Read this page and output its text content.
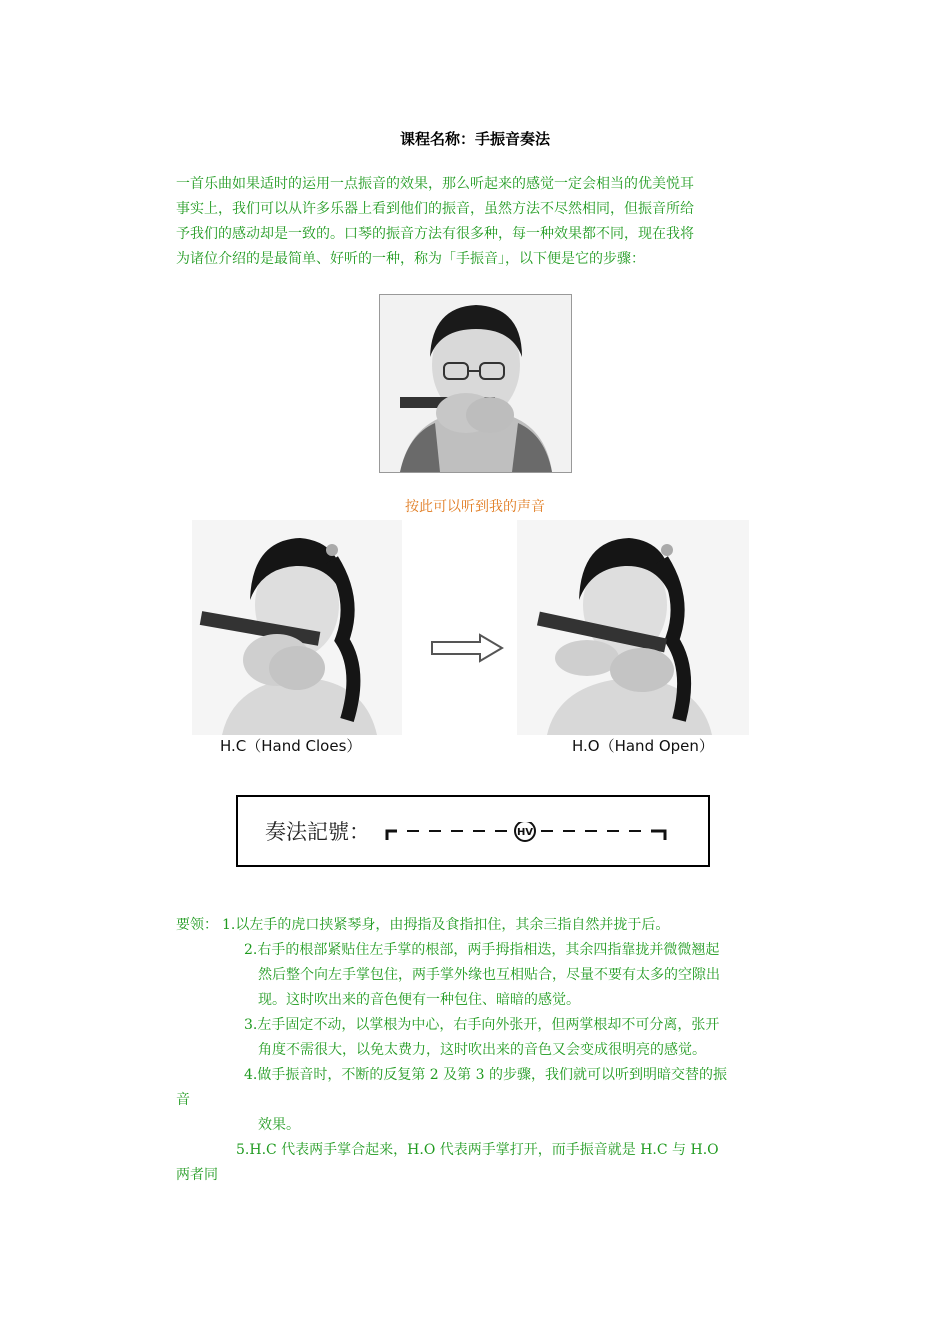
课程名称：手振音奏法
一首乐曲如果适时的运用一点振音的效果，那么听起来的感觉一定会相当的优美悦耳
事实上，我们可以从许多乐器上看到他们的振音，虽然方法不尽然相同，但振音所给
予我们的感动却是一致的。口琴的振音方法有很多种，每一种效果都不同，现在我将
为诸位介绍的是最简单、好听的一种，称为「手振音」，以下便是它的步骤：
按此可以听到我的声音
H.C（Hand Cloes）	H.O（Hand Open）
奏法記號：	HV
要领： 1.以左手的虎口挟紧琴身，由拇指及食指扣住，其余三指自然并拢于后。
2.右手的根部紧贴住左手掌的根部，两手拇指相迭，其余四指靠拢并微微翘起
然后整个向左手掌包住，两手掌外缘也互相贴合，尽量不要有太多的空隙出
现。这时吹出来的音色便有一种包住、暗暗的感觉。
3.左手固定不动，以掌根为中心，右手向外张开，但两掌根却不可分离，张开
角度不需很大，以免太费力，这时吹出来的音色又会变成很明亮的感觉。
4.做手振音时，不断的反复第 2 及第 3 的步骤，我们就可以听到明暗交替的振
音
效果。
5.H.C 代表两手掌合起来，H.O 代表两手掌打开，而手振音就是 H.C 与 H.O
两者同
